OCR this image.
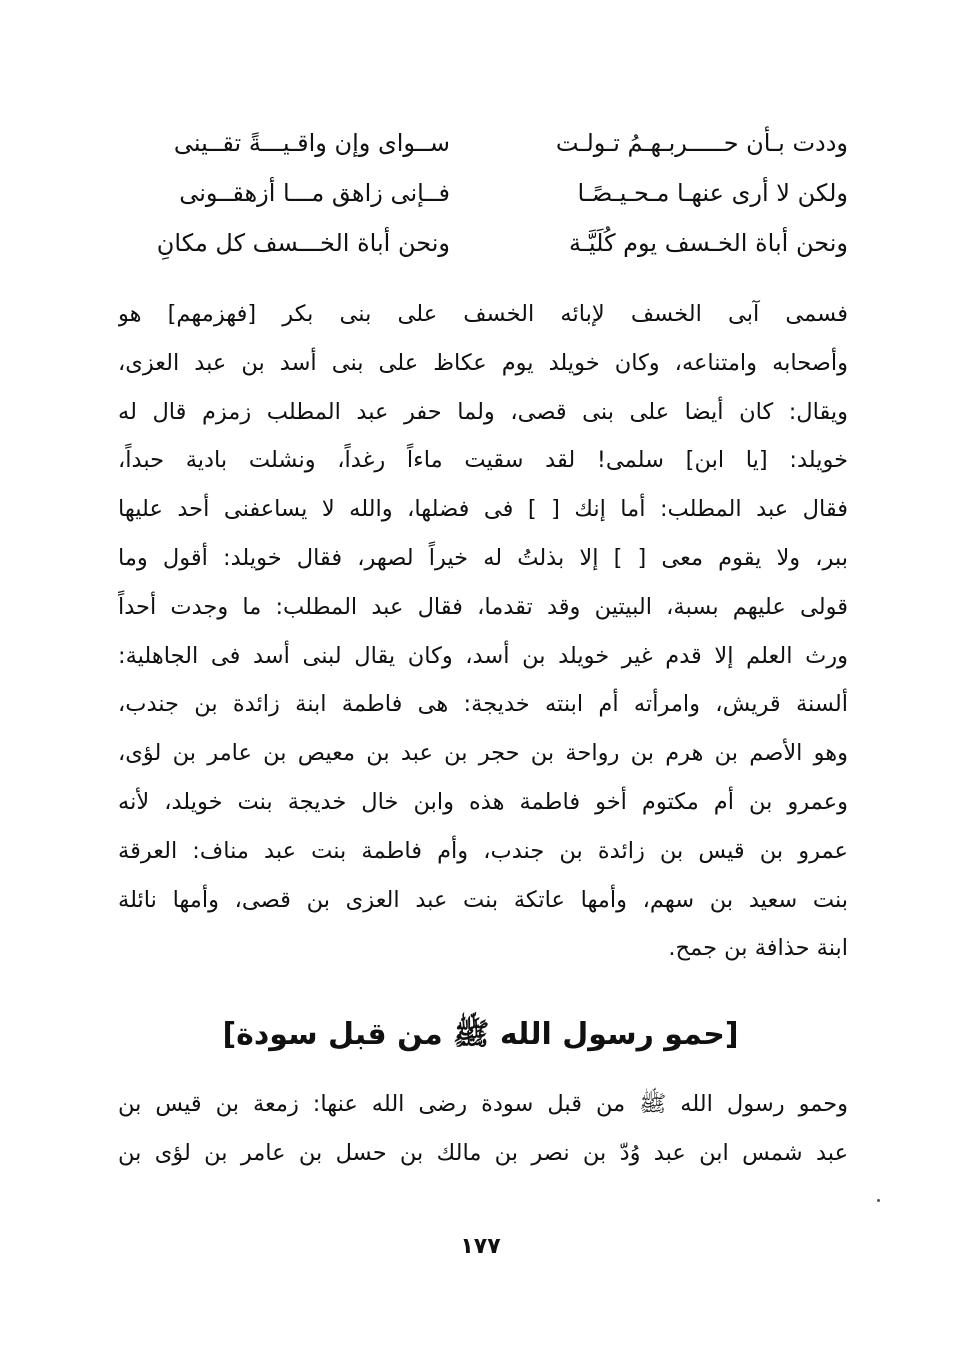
وددت بـأن حـــــربـهـمُ تـولـت
ســواى وإن واقـيـــةً تقــينى
ولكن لا أرى عنهـا مـحـيـصًـا
فــإنى زاهق مـــا أزهقــونى
ونحن أباة الخـسف يوم كُلَيَّـة
ونحن أباة الخـــسف كل مكانِ
فسمى آبى الخسف لإبائه الخسف على بنى بكر [فهزمهم] هو
وأصحابه وامتناعه، وكان خويلد يوم عكاظ على بنى أسد بن عبد العزى،
ويقال: كان أيضا على بنى قصى، ولما حفر عبد المطلب زمزم قال له
خويلد: [يا ابن] سلمى! لقد سقيت ماءاً رغداً، ونشلت بادية حبداً،
فقال عبد المطلب: أما إنك [ ] فى فضلها، والله لا يساعفنى أحد عليها
ببر، ولا يقوم معى [ ] إلا بذلتُ له خيراً لصهر، فقال خويلد: أقول وما
قولى عليهم بسبة، البيتين وقد تقدما، فقال عبد المطلب: ما وجدت أحداً
ورث العلم إلا قدم غير خويلد بن أسد، وكان يقال لبنى أسد فى الجاهلية:
ألسنة قريش، وامرأته أم ابنته خديجة: هى فاطمة ابنة زائدة بن جندب،
وهو الأصم بن هرم بن رواحة بن حجر بن عبد بن معيص بن عامر بن لؤى،
وعمرو بن أم مكتوم أخو فاطمة هذه وابن خال خديجة بنت خويلد، لأنه
عمرو بن قيس بن زائدة بن جندب، وأم فاطمة بنت عبد مناف: العرقة
بنت سعيد بن سهم، وأمها عاتكة بنت عبد العزى بن قصى، وأمها نائلة
ابنة حذافة بن جمح.
[حمو رسول الله ﷺ من قبل سودة]
وحمو رسول الله ﷺ من قبل سودة رضى الله عنها: زمعة بن قيس بن
عبد شمس ابن عبد وُدّ بن نصر بن مالك بن حسل بن عامر بن لؤى بن
١٧٧
